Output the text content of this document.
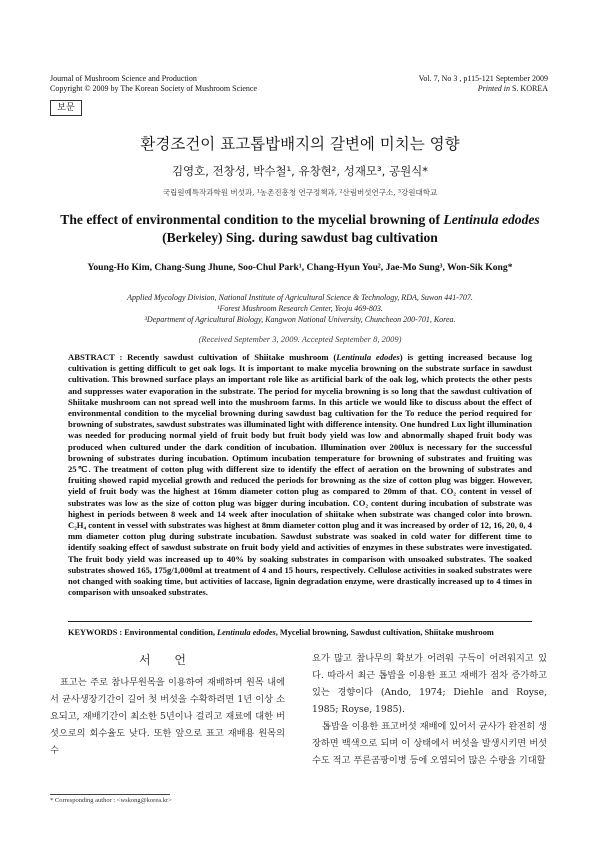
Journal of Mushroom Science and Production
Copyright © 2009 by The Korean Society of Mushroom Science
Vol. 7, No 3 , p115-121 September 2009
Printed in S. KOREA
보문
환경조건이 표고톱밥배지의 갈변에 미치는 영향
김영호, 전창성, 박수철¹, 유창현², 성재모³, 공원식*
국립원예특작과학원 버섯과, ¹농촌진흥청 연구정책과, ²산림버섯연구소, ³강원대학교
The effect of environmental condition to the mycelial browning of Lentinula edodes (Berkeley) Sing. during sawdust bag cultivation
Young-Ho Kim, Chang-Sung Jhune, Soo-Chul Park¹, Chang-Hyun You², Jae-Mo Sung³, Won-Sik Kong*
Applied Mycology Division, National Institute of Agricultural Science & Technology, RDA, Suwon 441-707.
¹Forest Mushroom Research Center, Yeoju 469-803.
³Department of Agricultural Biology, Kangwon National University, Chuncheon 200-701, Korea.
(Received September 3, 2009. Accepted September 8, 2009)
ABSTRACT : Recently sawdust cultivation of Shiitake mushroom (Lentinula edodes) is getting increased because log cultivation is getting difficult to get oak logs. It is important to make mycelia browning on the substrate surface in sawdust cultivation. This browned surface plays an important role like as artificial bark of the oak log, which protects the other pests and suppresses water evaporation in the substrate. The period for mycelia browning is so long that the sawdust cultivation of Shiitake mushroom can not spread well into the mushroom farms. In this article we would like to discuss about the effect of environmental condition to the mycelial browning during sawdust bag cultivation for the To reduce the period required for browning of substrates, sawdust substrates was illuminated light with difference intensity. One hundred Lux light illumination was needed for producing normal yield of fruit body but fruit body yield was low and abnormally shaped fruit body was produced when cultured under the dark condition of incubation. Illumination over 200lux is necessary for the successful browning of substrates during incubation. Optimum incubation temperature for browning of substrates and fruiting was 25℃. The treatment of cotton plug with different size to identify the effect of aeration on the browning of substrates and fruiting showed rapid mycelial growth and reduced the periods for browning as the size of cotton plug was bigger. However, yield of fruit body was the highest at 16mm diameter cotton plug as compared to 20mm of that. CO₂ content in vessel of substrates was low as the size of cotton plug was bigger during incubation. CO₂ content during incubation of substrate was highest in periods between 8 week and 14 week after inoculation of shiitake when substrate was changed color into brown. C₂H₄ content in vessel with substrates was highest at 8mm diameter cotton plug and it was increased by order of 12, 16, 20, 0, 4 mm diameter cotton plug during substrate incubation. Sawdust substrate was soaked in cold water for different time to identify soaking effect of sawdust substrate on fruit body yield and activities of enzymes in these substrates were investigated. The fruit body yield was increased up to 40% by soaking substrates in comparison with unsoaked substrates. The soaked substrates showed 165, 175g/1,000ml at treatment of 4 and 15 hours, respectively. Cellulose activities in soaked substrates were not changed with soaking time, but activities of laccase, lignin degradation enzyme, were drastically increased up to 4 times in comparison with unsoaked substrates.
KEYWORDS : Environmental condition, Lentinula edodes, Mycelial browning, Sawdust cultivation, Shiitake mushroom
서 언
표고는 주로 참나무원목을 이용하여 재배하며 원목 내에서 균사생장기간이 길어 첫 버섯을 수확하려면 1년 이상 소요되고, 재배기간이 최소한 5년이나 걸리고 재료에 대한 버섯으로의 회수율도 낮다. 또한 앞으로 표고 재배용 원목의 수
요가 많고 참나무의 확보가 어려워 구득이 어려워지고 있다. 따라서 최근 톱밥을 이용한 표고 재배가 점차 증가하고 있는 경향이다 (Ando, 1974; Diehle and Royse, 1985; Royse, 1985).
톱밥을 이용한 표고버섯 재배에 있어서 균사가 완전히 생장하면 백색으로 되며 이 상태에서 버섯을 발생시키면 버섯 수도 적고 푸른곰팡이병 등에 오염되어 많은 수량을 기대할
* Corresponding author : <wskong@korea.kr>
